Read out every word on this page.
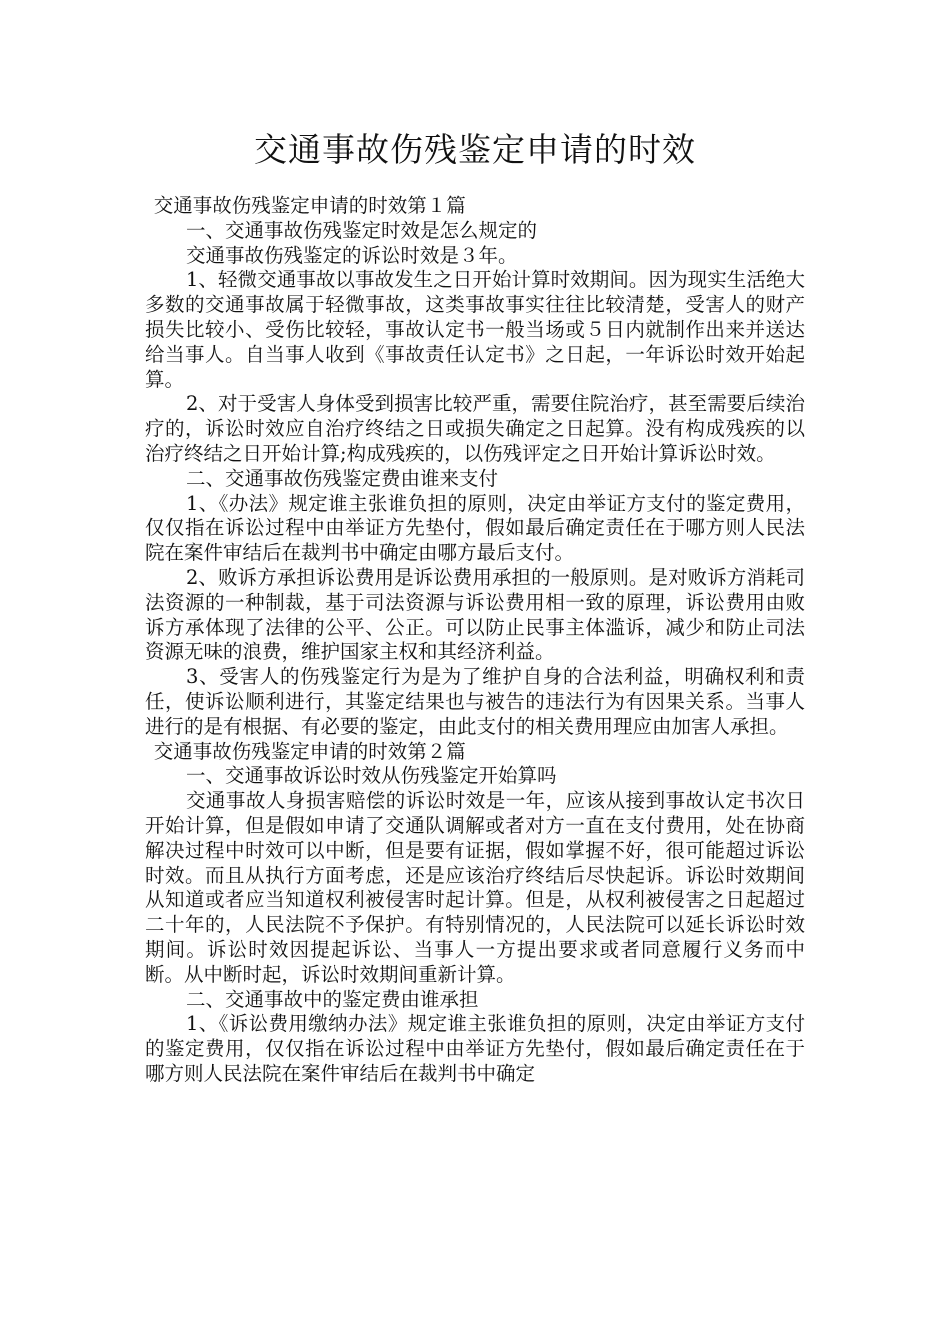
交通事故伤残鉴定申请的时效

交通事故伤残鉴定申请的时效第１篇

一、交通事故伤残鉴定时效是怎么规定的

交通事故伤残鉴定的诉讼时效是３年。

1、轻微交通事故以事故发生之日开始计算时效期间。因为现实生活绝大多数的交通事故属于轻微事故，这类事故事实往往比较清楚，受害人的财产损失比较小、受伤比较轻，事故认定书一般当场或５日内就制作出来并送达给当事人。自当事人收到《事故责任认定书》之日起，一年诉讼时效开始起算。

2、对于受害人身体受到损害比较严重，需要住院治疗，甚至需要后续治疗的，诉讼时效应自治疗终结之日或损失确定之日起算。没有构成残疾的以治疗终结之日开始计算;构成残疾的，以伤残评定之日开始计算诉讼时效。

二、交通事故伤残鉴定费由谁来支付

1、《办法》规定谁主张谁负担的原则，决定由举证方支付的鉴定费用，仅仅指在诉讼过程中由举证方先垫付，假如最后确定责任在于哪方则人民法院在案件审结后在裁判书中确定由哪方最后支付。

2、败诉方承担诉讼费用是诉讼费用承担的一般原则。是对败诉方消耗司法资源的一种制裁，基于司法资源与诉讼费用相一致的原理，诉讼费用由败诉方承体现了法律的公平、公正。可以防止民事主体滥诉，减少和防止司法资源无味的浪费，维护国家主权和其经济利益。

3、受害人的伤残鉴定行为是为了维护自身的合法利益，明确权利和责任，使诉讼顺利进行，其鉴定结果也与被告的违法行为有因果关系。当事人进行的是有根据、有必要的鉴定，由此支付的相关费用理应由加害人承担。

交通事故伤残鉴定申请的时效第２篇

一、交通事故诉讼时效从伤残鉴定开始算吗

交通事故人身损害赔偿的诉讼时效是一年，应该从接到事故认定书次日开始计算，但是假如申请了交通队调解或者对方一直在支付费用，处在协商解决过程中时效可以中断，但是要有证据，假如掌握不好，很可能超过诉讼时效。而且从执行方面考虑，还是应该治疗终结后尽快起诉。诉讼时效期间从知道或者应当知道权利被侵害时起计算。但是，从权利被侵害之日起超过二十年的，人民法院不予保护。有特别情况的，人民法院可以延长诉讼时效期间。诉讼时效因提起诉讼、当事人一方提出要求或者同意履行义务而中断。从中断时起，诉讼时效期间重新计算。

二、交通事故中的鉴定费由谁承担

1、《诉讼费用缴纳办法》规定谁主张谁负担的原则，决定由举证方支付的鉴定费用，仅仅指在诉讼过程中由举证方先垫付，假如最后确定责任在于哪方则人民法院在案件审结后在裁判书中确定
